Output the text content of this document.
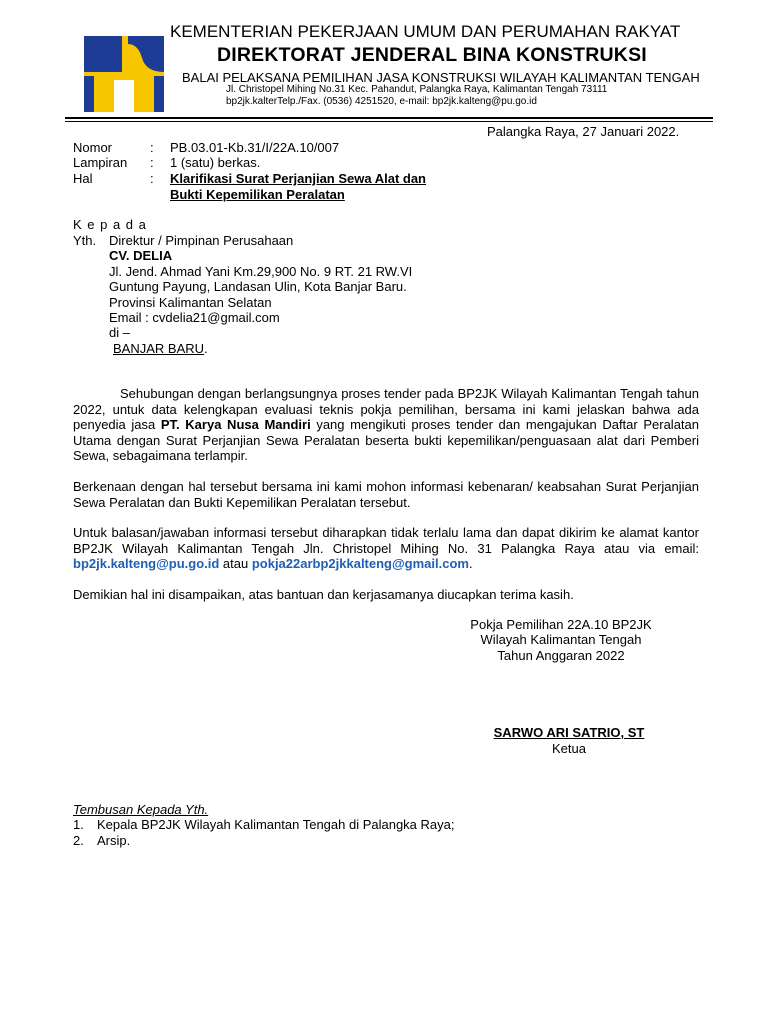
KEMENTERIAN PEKERJAAN UMUM DAN PERUMAHAN RAKYAT
DIREKTORAT JENDERAL BINA KONSTRUKSI
BALAI PELAKSANA PEMILIHAN JASA KONSTRUKSI WILAYAH KALIMANTAN TENGAH
Jl. Christopel Mihing No.31 Kec. Pahandut, Palangka Raya, Kalimantan Tengah 73111
bp2jk.kalterTelp./Fax. (0536) 4251520, e-mail: bp2jk.kalteng@pu.go.id
Palangka Raya, 27 Januari 2022.
Nomor	: PB.03.01-Kb.31/I/22A.10/007
Lampiran : 1 (satu) berkas.
Hal	: Klarifikasi Surat Perjanjian Sewa Alat dan
Bukti Kepemilikan Peralatan
K e p a d a
Yth. Direktur / Pimpinan Perusahaan
CV. DELIA
Jl. Jend. Ahmad Yani Km.29,900 No. 9 RT. 21 RW.VI
Guntung Payung, Landasan Ulin, Kota Banjar Baru.
Provinsi Kalimantan Selatan
Email : cvdelia21@gmail.com
di –
BANJAR BARU.
Sehubungan dengan berlangsungnya proses tender pada BP2JK Wilayah Kalimantan Tengah tahun 2022, untuk data kelengkapan evaluasi teknis pokja pemilihan, bersama ini kami jelaskan bahwa ada penyedia jasa PT. Karya Nusa Mandiri yang mengikuti proses tender dan mengajukan Daftar Peralatan Utama dengan Surat Perjanjian Sewa Peralatan beserta bukti kepemilikan/penguasaan alat dari Pemberi Sewa, sebagaimana terlampir.
Berkenaan dengan hal tersebut bersama ini kami mohon informasi kebenaran/ keabsahan Surat Perjanjian Sewa Peralatan dan Bukti Kepemilikan Peralatan tersebut.
Untuk balasan/jawaban informasi tersebut diharapkan tidak terlalu lama dan dapat dikirim ke alamat kantor BP2JK Wilayah Kalimantan Tengah Jln. Christopel Mihing No. 31 Palangka Raya atau via email: bp2jk.kalteng@pu.go.id atau pokja22arbp2jkkalteng@gmail.com.
Demikian hal ini disampaikan, atas bantuan dan kerjasamanya diucapkan terima kasih.
Pokja Pemilihan 22A.10 BP2JK
Wilayah Kalimantan Tengah
Tahun Anggaran 2022
SARWO ARI SATRIO, ST
Ketua
Tembusan Kepada Yth.
1. Kepala BP2JK Wilayah Kalimantan Tengah di Palangka Raya;
2. Arsip.
